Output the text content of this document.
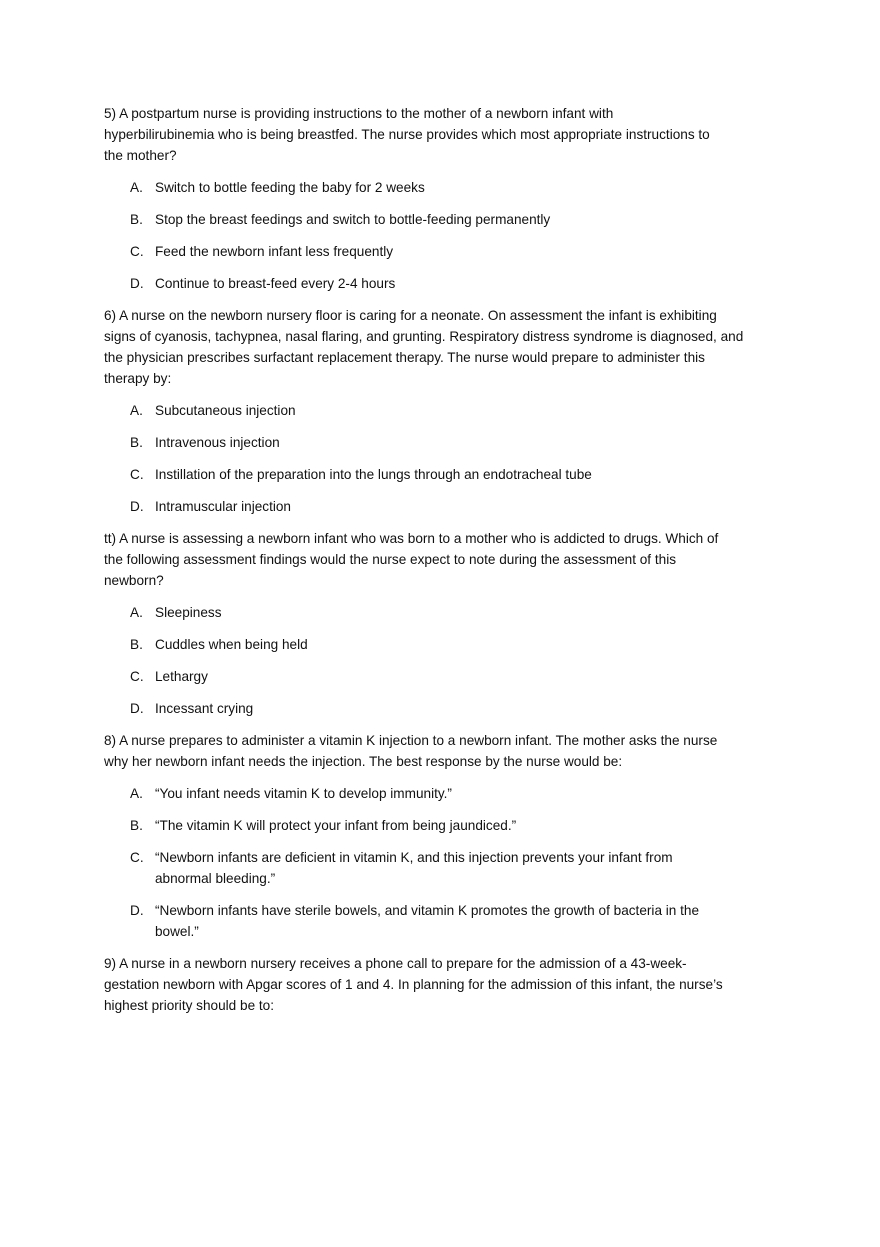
5) A postpartum nurse is providing instructions to the mother of a newborn infant with
hyperbilirubinemia who is being breastfed. The nurse provides which most appropriate instructions to
the mother?
A. Switch to bottle feeding the baby for 2 weeks
B. Stop the breast feedings and switch to bottle-feeding permanently
C. Feed the newborn infant less frequently
D. Continue to breast-feed every 2-4 hours
6) A nurse on the newborn nursery floor is caring for a neonate. On assessment the infant is exhibiting
signs of cyanosis, tachypnea, nasal flaring, and grunting. Respiratory distress syndrome is diagnosed, and
the physician prescribes surfactant replacement therapy. The nurse would prepare to administer this
therapy by:
A. Subcutaneous injection
B. Intravenous injection
C. Instillation of the preparation into the lungs through an endotracheal tube
D. Intramuscular injection
tt) A nurse is assessing a newborn infant who was born to a mother who is addicted to drugs. Which of
the following assessment findings would the nurse expect to note during the assessment of this
newborn?
A. Sleepiness
B. Cuddles when being held
C. Lethargy
D. Incessant crying
8) A nurse prepares to administer a vitamin K injection to a newborn infant. The mother asks the nurse
why her newborn infant needs the injection. The best response by the nurse would be:
A. “You infant needs vitamin K to develop immunity.”
B. “The vitamin K will protect your infant from being jaundiced.”
C. “Newborn infants are deficient in vitamin K, and this injection prevents your infant from
abnormal bleeding.”
D. “Newborn infants have sterile bowels, and vitamin K promotes the growth of bacteria in the
bowel.”
9) A nurse in a newborn nursery receives a phone call to prepare for the admission of a 43-week-
gestation newborn with Apgar scores of 1 and 4. In planning for the admission of this infant, the nurse’s
highest priority should be to:
